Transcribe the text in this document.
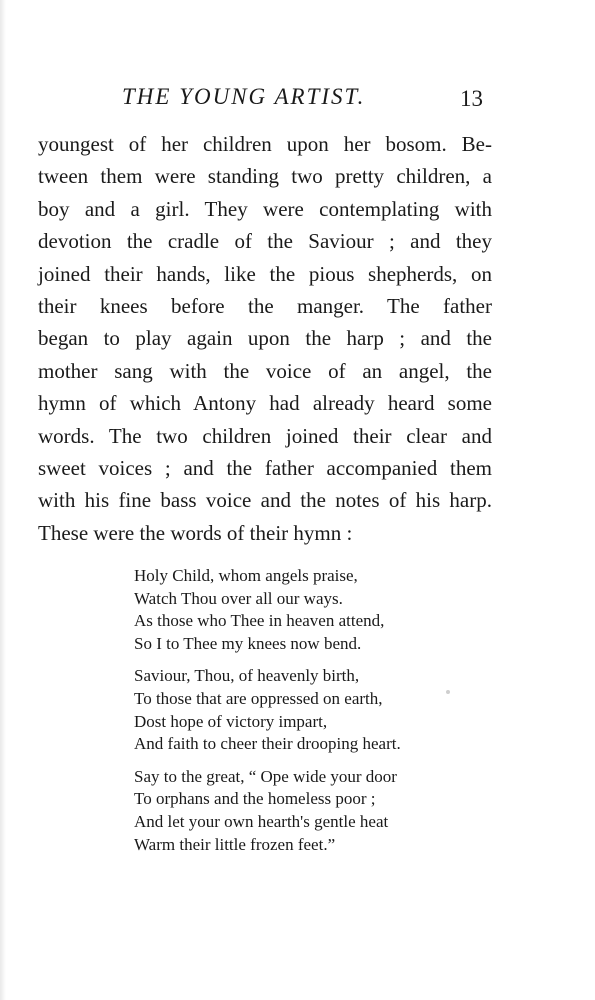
THE YOUNG ARTIST.	13

youngest of her children upon her bosom. Be-
tween them were standing two pretty children, a
boy and a girl. They were contemplating with
devotion the cradle of the Saviour ; and they
joined their hands, like the pious shepherds, on
their knees before the manger. The father
began to play again upon the harp ; and the
mother sang with the voice of an angel, the
hymn of which Antony had already heard some
words. The two children joined their clear and
sweet voices ; and the father accompanied them
with his fine bass voice and the notes of his harp.
These were the words of their hymn :

Holy Child, whom angels praise,
Watch Thou over all our ways.
As those who Thee in heaven attend,
So I to Thee my knees now bend.
Saviour, Thou, of heavenly birth,
To those that are oppressed on earth,
Dost hope of victory impart,
And faith to cheer their drooping heart.
Say to the great, “ Ope wide your door
To orphans and the homeless poor ;
And let your own hearth's gentle heat
Warm their little frozen feet.”
